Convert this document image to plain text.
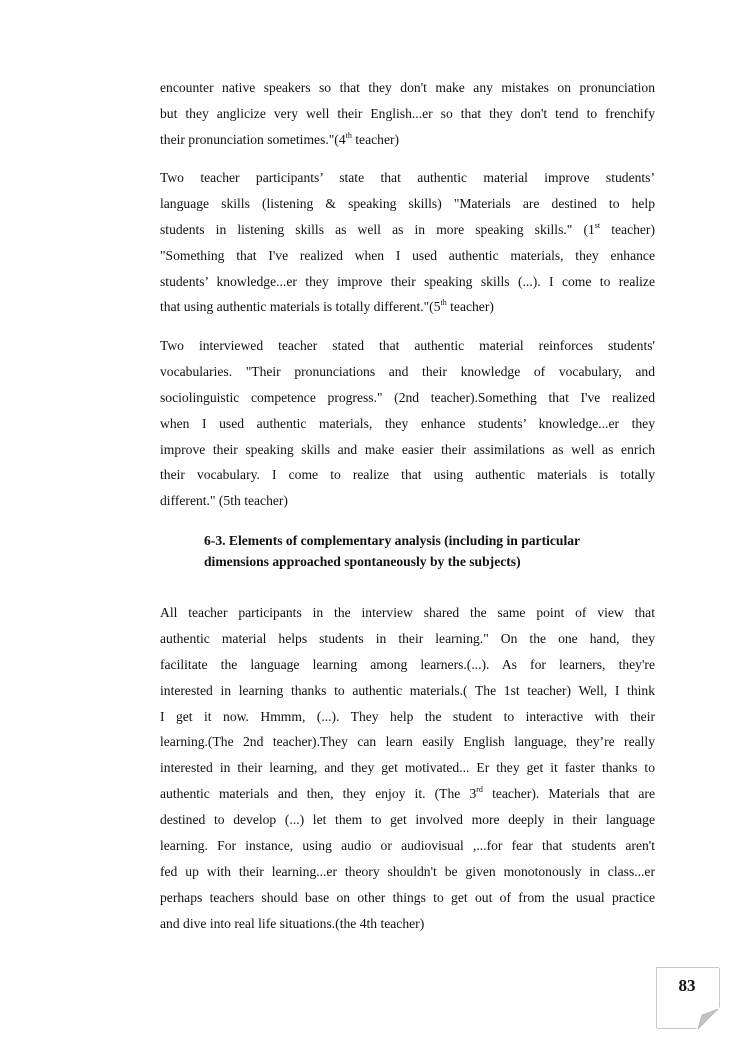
6-3. Elements of complementary analysis (including in particular
dimensions approached spontaneously by the subjects)
83
encounter native speakers so that they don't make any mistakes on pronunciation
but they anglicize very well their English...er so that they don't tend to frenchify
their pronunciation sometimes."(4th teacher)
Two teacher participants’ state that authentic material improve students’
language skills (listening & speaking skills) "Materials are destined to help
students in listening skills as well as in more speaking skills." (1st teacher)
"Something that I've realized when I used authentic materials, they enhance
students’ knowledge...er they improve their speaking skills (...). I come to realize
that using authentic materials is totally different."(5th teacher)
Two interviewed teacher stated that authentic material reinforces students'
vocabularies. "Their pronunciations and their knowledge of vocabulary, and
sociolinguistic competence progress." (2nd teacher).Something that I've realized
when I used authentic materials, they enhance students’ knowledge...er they
improve their speaking skills and make easier their assimilations as well as enrich
their vocabulary. I come to realize that using authentic materials is totally
different." (5th teacher)
All teacher participants in the interview shared the same point of view that
authentic material helps students in their learning." On the one hand, they
facilitate the language learning among learners.(...). As for learners, they're
interested in learning thanks to authentic materials.( The 1st teacher) Well, I think
I get it now. Hmmm, (...). They help the student to interactive with their
learning.(The 2nd teacher).They can learn easily English language, they’re really
interested in their learning, and they get motivated... Er they get it faster thanks to
authentic materials and then, they enjoy it. (The 3rd teacher). Materials that are
destined to develop (...) let them to get involved more deeply in their language
learning. For instance, using audio or audiovisual ,...for fear that students aren't
fed up with their learning...er theory shouldn't be given monotonously in class...er
perhaps teachers should base on other things to get out of from the usual practice
and dive into real life situations.(the 4th teacher)
